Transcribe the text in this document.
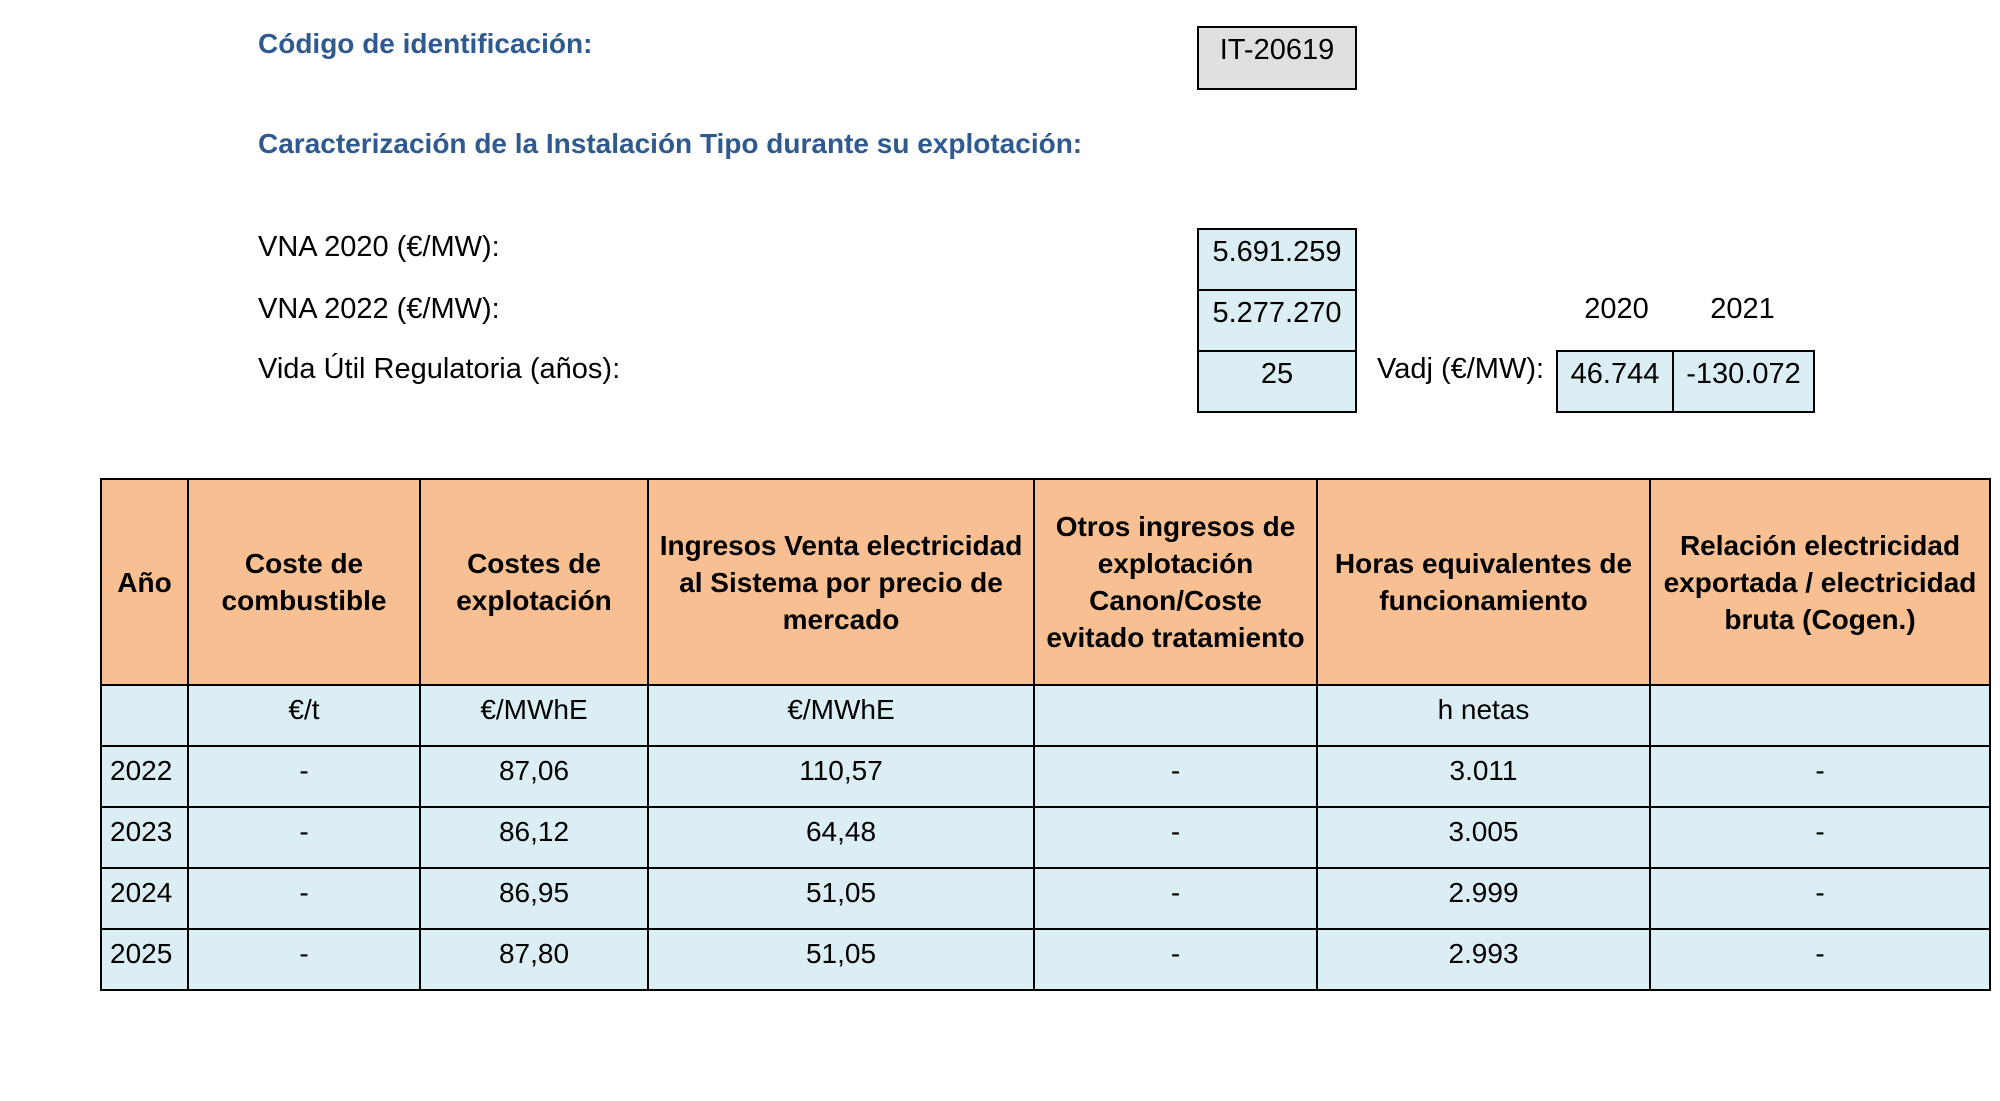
Código de identificación:	IT-20619
Caracterización de la Instalación Tipo durante su explotación:
VNA 2020 (€/MW):	5.691.259
VNA 2022 (€/MW):	5.277.270
Vida Útil Regulatoria (años):	25
2020	2021
Vadj (€/MW): 46.744 -130.072
Año	Coste de combustible	Costes de explotación	Ingresos Venta electricidad al Sistema por precio de mercado	Otros ingresos de explotación Canon/Coste evitado tratamiento	Horas equivalentes de funcionamiento	Relación electricidad exportada / electricidad bruta (Cogen.)
	€/t	€/MWhE	€/MWhE		h netas	
2022	-	87,06	110,57	-	3.011	-
2023	-	86,12	64,48	-	3.005	-
2024	-	86,95	51,05	-	2.999	-
2025	-	87,80	51,05	-	2.993	-
